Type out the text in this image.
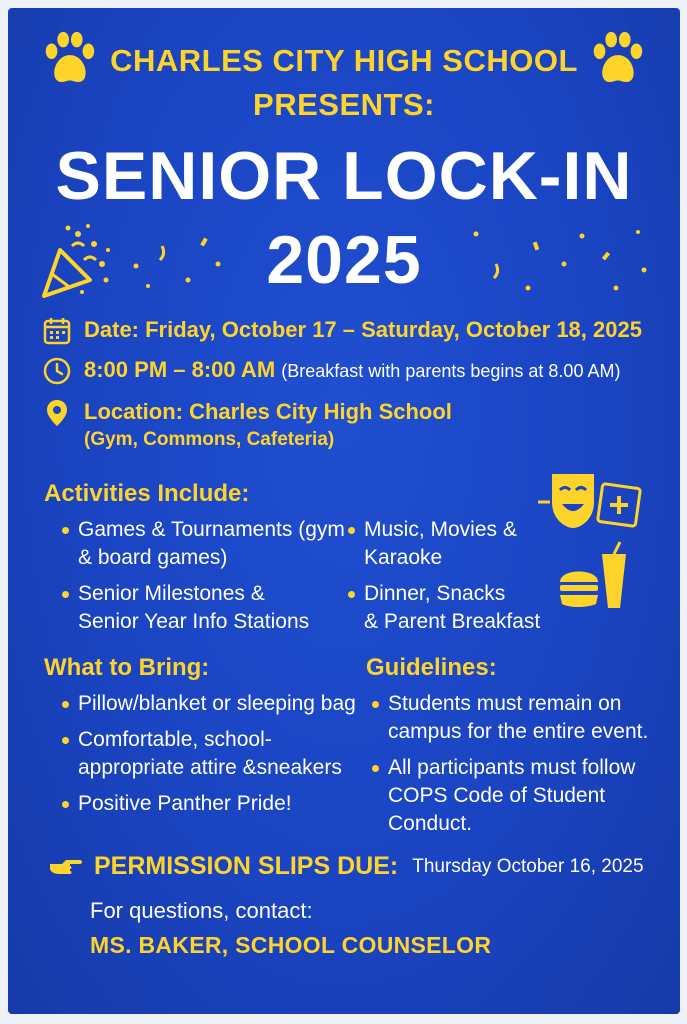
CHARLES CITY HIGH SCHOOL
PRESENTS:
SENIOR LOCK-IN
2025
Date: Friday, October 17 – Saturday, October 18, 2025
8:00 PM – 8:00 AM (Breakfast with parents begins at 8.00 AM)
Location: Charles City High School
(Gym, Commons, Cafeteria)
Activities Include:
Games & Tournaments (gym
& board games)
Senior Milestones &
Senior Year Info Stations
Music, Movies &
Karaoke
Dinner, Snacks
& Parent Breakfast
What to Bring:
Pillow/blanket or sleeping bag
Comfortable, school-
appropriate attire &sneakers
Positive Panther Pride!
Guidelines:
Students must remain on
campus for the entire event.
All participants must follow
COPS Code of Student
Conduct.
PERMISSION SLIPS DUE: Thursday October 16, 2025
For questions, contact:
MS. BAKER, SCHOOL COUNSELOR
